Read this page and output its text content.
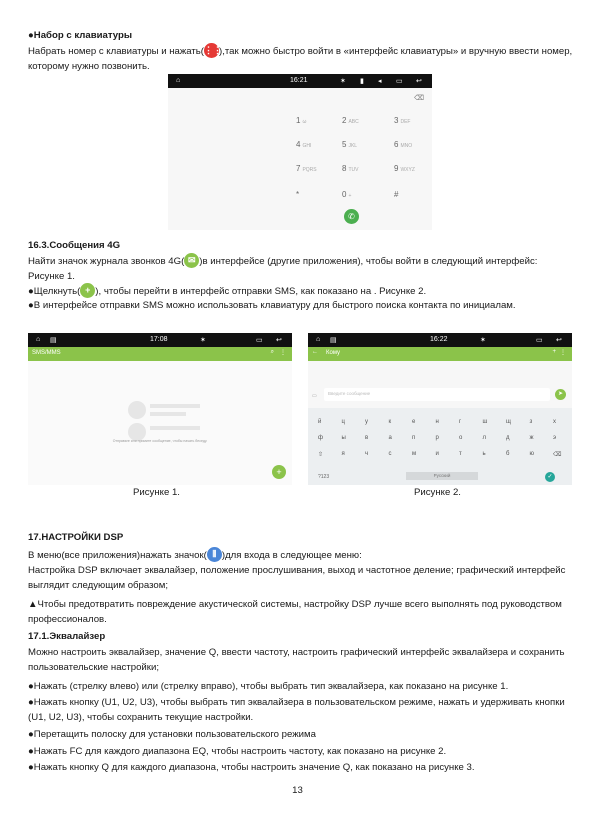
●Набор с клавиатуры

Набрать номер с клавиатуры и нажать( ⋮⋮
),так можно быстро войти в «интерфейс клавиатуры» и вручную ввести номер, которому нужно позвонить.

⌂	16:21	✶ ▮ ◂ ▭ ↩
⌫
1 ω	2 ABC	3 DEF
4 GHI	5 JKL	6 MNO
7 PQRS	8 TUV	9 WXYZ
*	0 +	#
✆

16.3.Сообщения 4G

Найти значок журнала звонков 4G( ✉ )в интерфейсе (другие приложения), чтобы войти в следующий интерфейс: Рисунке 1.

●Щелкнуть( + ), чтобы перейти в интерфейс отправки SMS, как показано на . Рисунке 2.

●В интерфейсе отправки SMS можно использовать клавиатуру для быстрого поиска контакта по инициалам.

⌂ ▤	17:08	✶	▭ ↩
SMS/MMS	⌕ ⋮
Отправьте или примите сообщение, чтобы начать беседу.
+
⌂ ▤	16:22	✶	▭ ↩
← Кому	+ ⋮
▭	Введите сообщение	➤
й	ц	у	к	е	н	г	ш	щ	з	х
ф	ы	в	а	п	р	о	л	д	ж	э
⇧	я	ч	с	м	и	т	ь	б	ю	⌫
?123	Русский	✓
Рисунке 1.	Рисунке 2.

17.НАСТРОЙКИ DSP

В меню(все приложения)нажать значок( ⦀ )для входа в следующее меню:

Настройка DSP включает эквалайзер, положение прослушивания, выход и частотное деление; графический интерфейс выглядит следующим образом;

▲Чтобы предотвратить повреждение акустической системы, настройку DSP лучше всего выполнять под руководством профессионалов.

17.1.Эквалайзер

Можно настроить эквалайзер, значение Q, ввести частоту, настроить графический интерфейс эквалайзера и сохранить пользовательские настройки;

●Нажать (стрелку влево) или (стрелку вправо), чтобы выбрать тип эквалайзера, как показано на рисунке 1.

●Нажать кнопку (U1, U2, U3), чтобы выбрать тип эквалайзера в пользовательском режиме, нажать и удерживать кнопки (U1, U2, U3), чтобы сохранить текущие настройки.

●Перетащить полоску для установки пользовательского режима

●Нажать FC для каждого диапазона EQ, чтобы настроить частоту, как показано на рисунке 2.

●Нажать кнопку Q для каждого диапазона, чтобы настроить значение Q, как показано на рисунке 3.

13
